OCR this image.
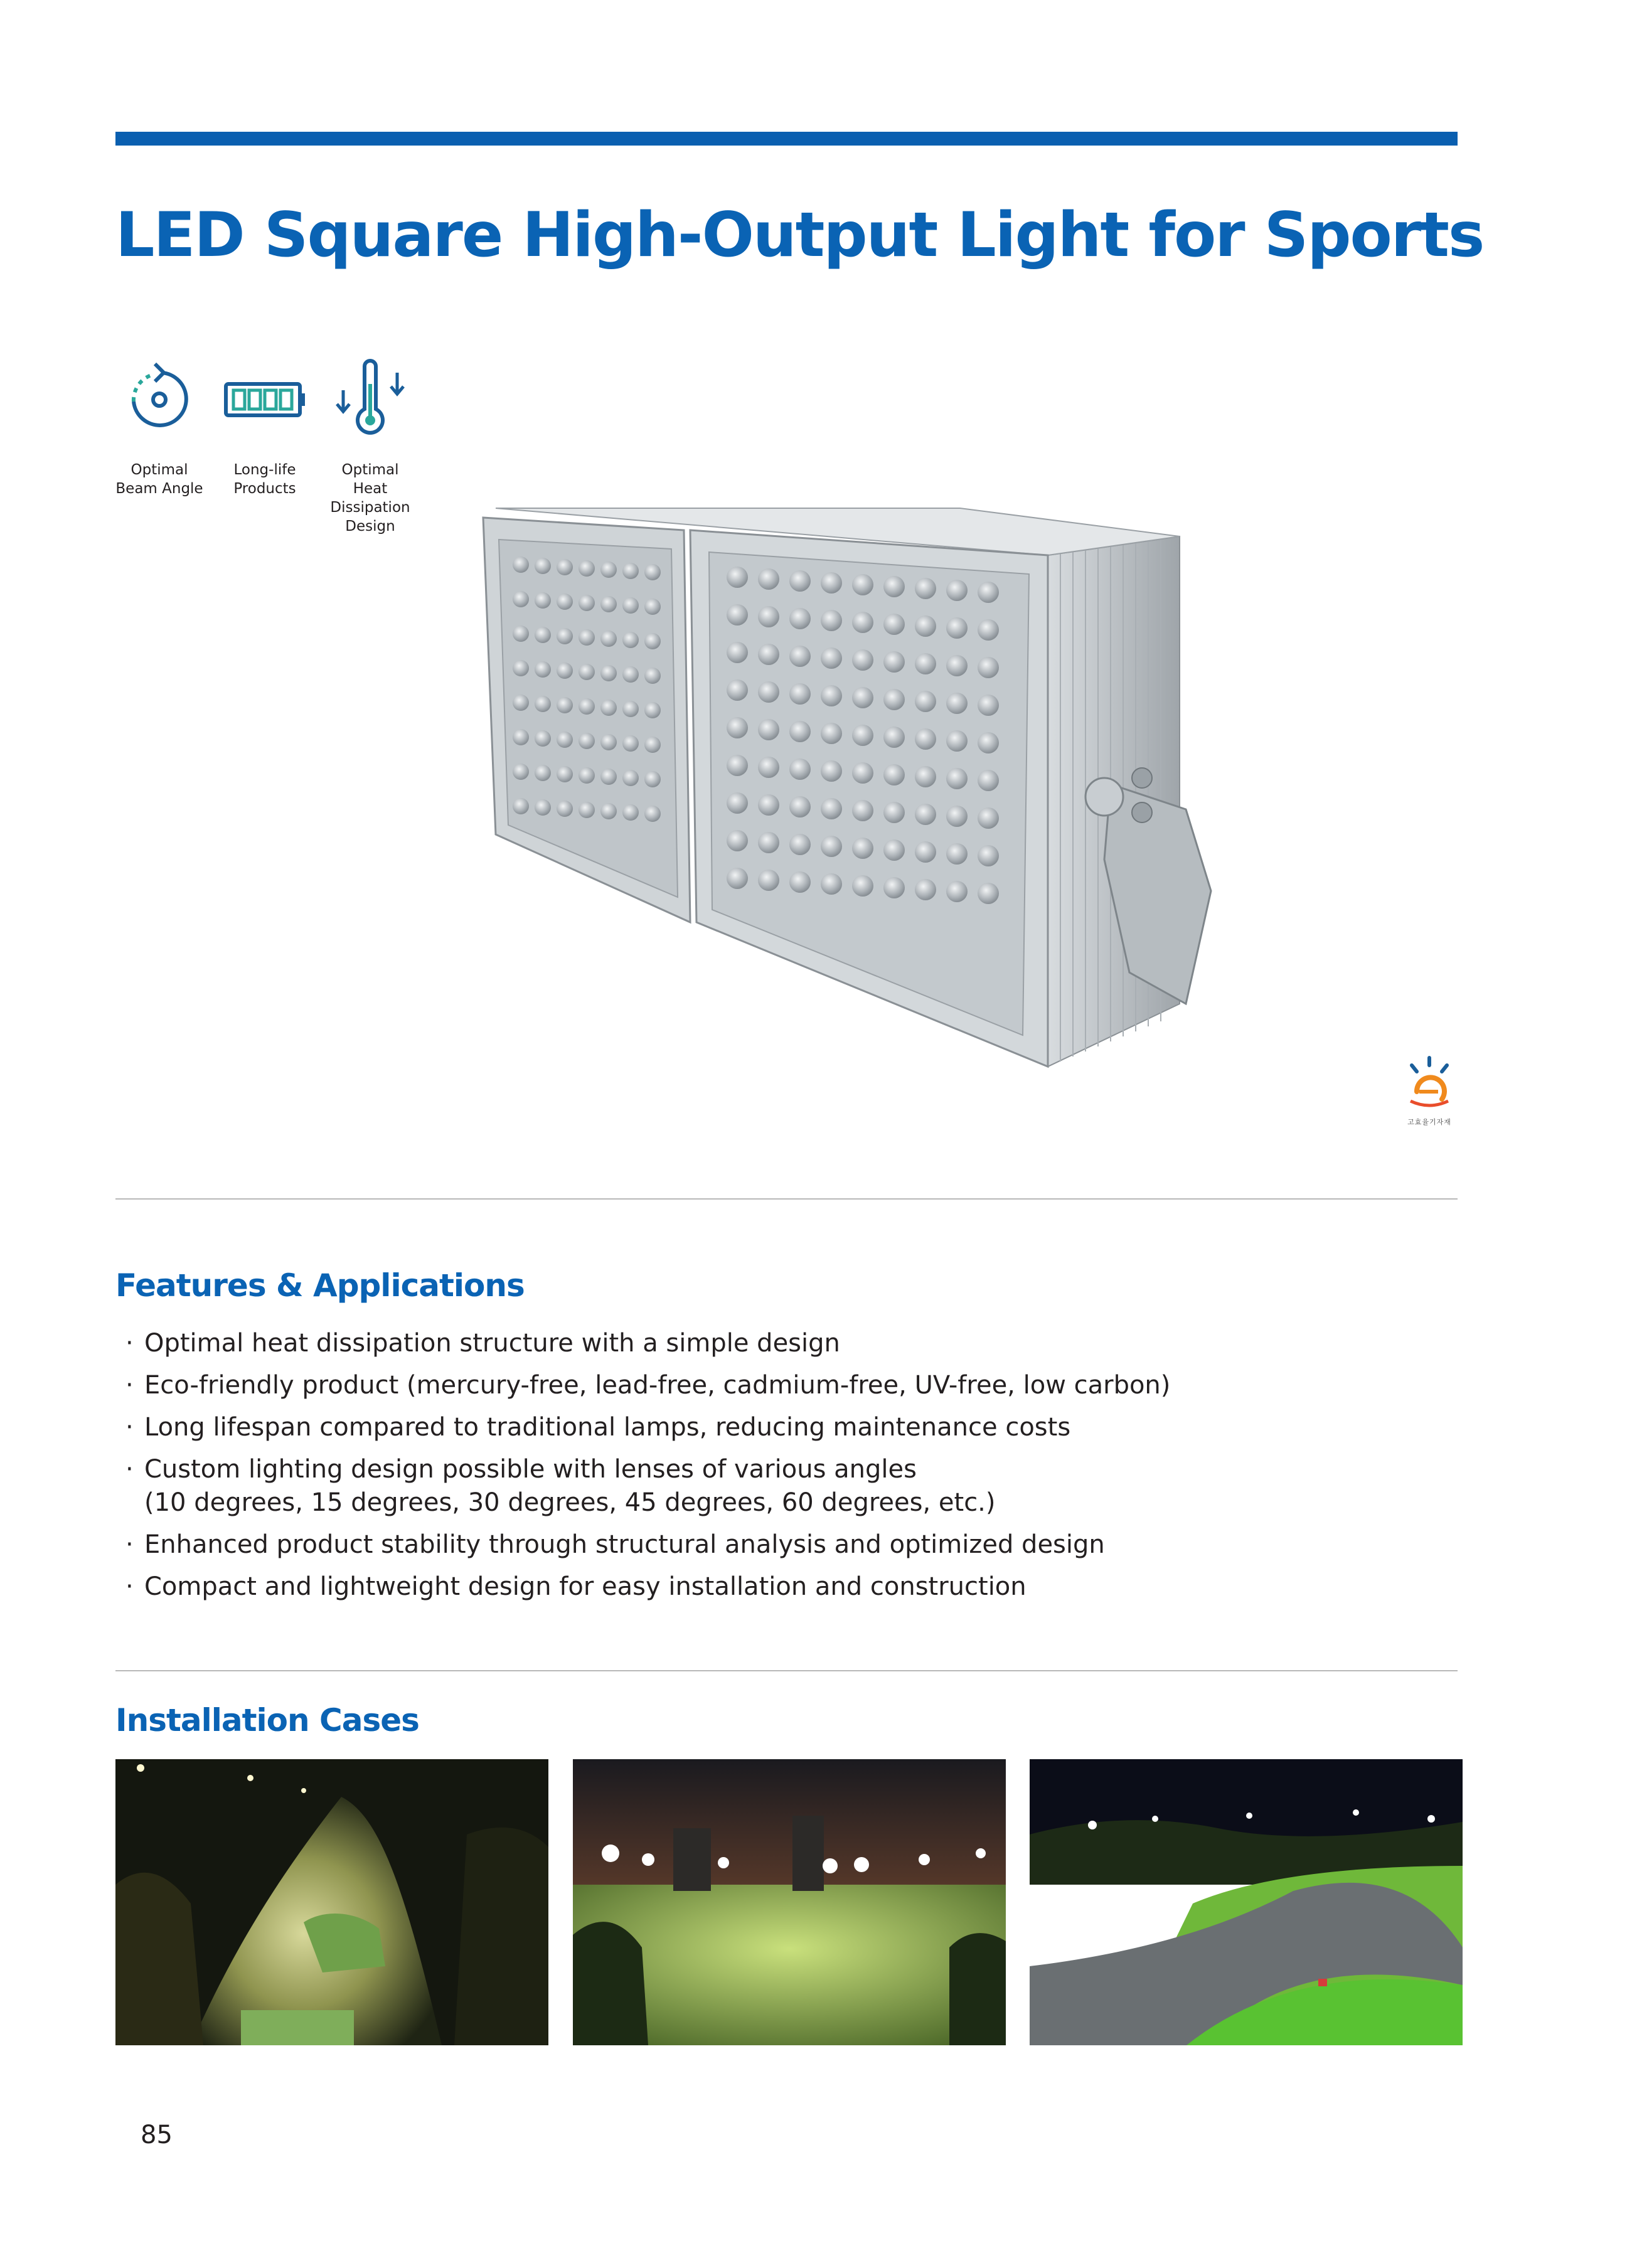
LED Square High-Output Light for Sports
Optimal
Beam Angle
Long-life
Products
Optimal
Heat
Dissipation
Design
고효율기자재
Features & Applications
· Optimal heat dissipation structure with a simple design
· Eco-friendly product (mercury-free, lead-free, cadmium-free, UV-free, low carbon)
· Long lifespan compared to traditional lamps, reducing maintenance costs
· Custom lighting design possible with lenses of various angles
(10 degrees, 15 degrees, 30 degrees, 45 degrees, 60 degrees, etc.)
· Enhanced product stability through structural analysis and optimized design
· Compact and lightweight design for easy installation and construction
Installation Cases
85
